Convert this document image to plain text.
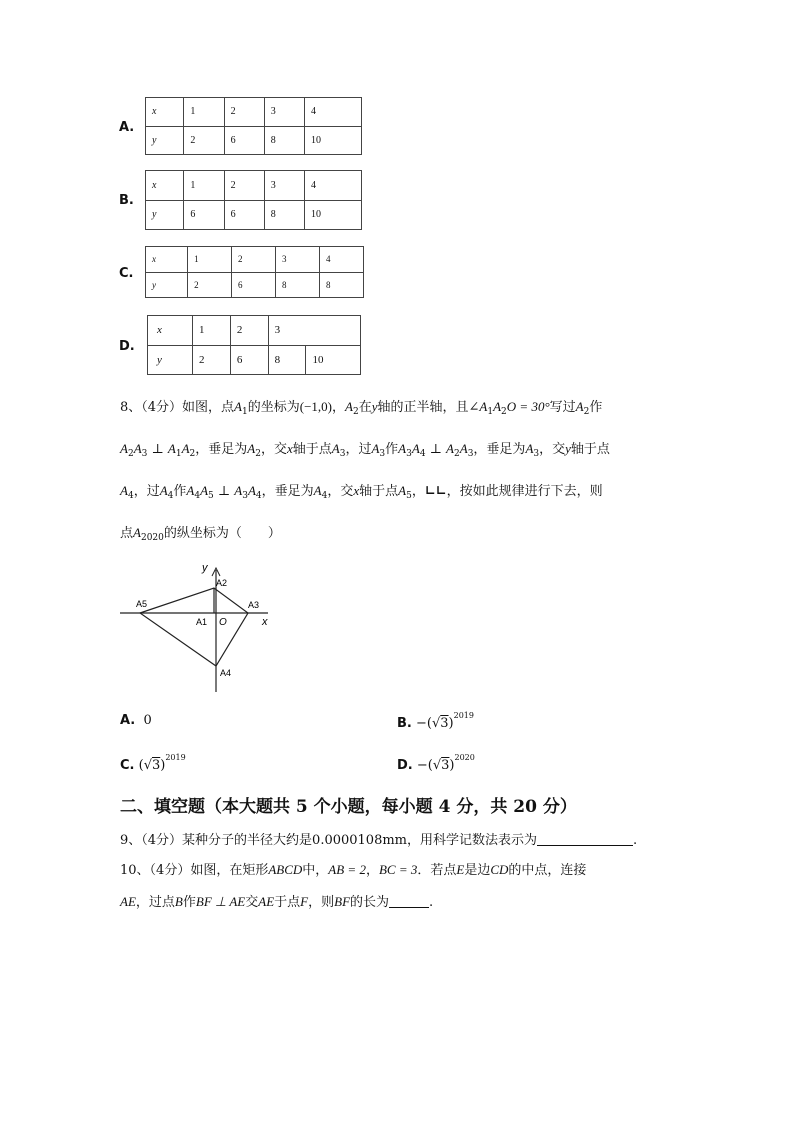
A.
x	1	2	3	4
y	2	6	8	10
B.
x	1	2	3	4
y	6	6	8	10
C.
x	1	2	3	4
y	2	6	8	8
D.
x	1	2	3	
y	2	6	8	10
8、（4分）如图，点$A_1$的坐标为(−1,0)，$A_2$在y轴的正半轴，且$\angle A_1A_2O = 30^\circ$写过$A_2$作
$A_2A_3$ ⊥ $A_1A_2$，垂足为$A_2$，交x轴于点$A_3$，过$A_3$作$A_3A_4$ ⊥ $A_2A_3$，垂足为$A_3$，交y轴于点
$A_4$，过$A_4$作$A_4A_5$ ⊥ $A_3A_4$，垂足为$A_4$，交x轴于点$A_5$，∟∟，按如此规律进行下去，则
点$A_{2020}$的纵坐标为（　　）
y
x
O
A1
A2
A3
A4
A5
A. 0	B. $-(√3)^{2019}$
C. $(√3)^{2019}$
D. $-(√3)^{2020}$
二、填空题（本大题共 5 个小题，每小题 4 分，共 20 分）
9、（4分）某种分子的半径大约是0.0000108mm，用科学记数法表示为	.
10、（4分）如图，在矩形ABCD中，AB = 2，BC = 3．若点E是边CD的中点，连接
AE，过点B作BF ⊥ AE交AE于点F，则BF的长为	.
